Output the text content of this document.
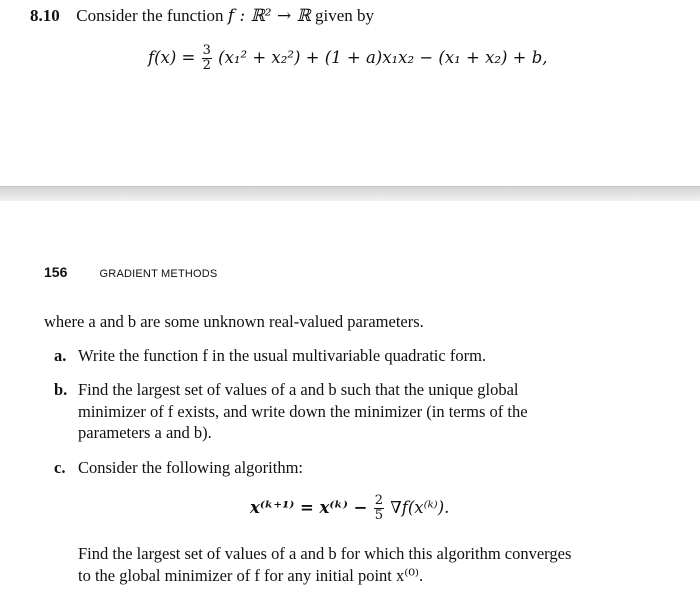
8.10 Consider the function f : ℝ² → ℝ given by
$f(x) = \frac{3}{2} (x_1^2 + x_2^2) + (1 + a)x_1x_2 - (x_1 + x_2) + b$,
156	GRADIENT METHODS
where a and b are some unknown real-valued parameters.
a. Write the function f in the usual multivariable quadratic form.
b. Find the largest set of values of a and b such that the unique global
minimizer of f exists, and write down the minimizer (in terms of the
parameters a and b).
c. Consider the following algorithm:
x⁽ᵏ⁺¹⁾ = x⁽ᵏ⁾ − $\frac{2}{5}$ ∇f(x⁽ᵏ⁾).
Find the largest set of values of a and b for which this algorithm converges
to the global minimizer of f for any initial point x⁽⁰⁾.
